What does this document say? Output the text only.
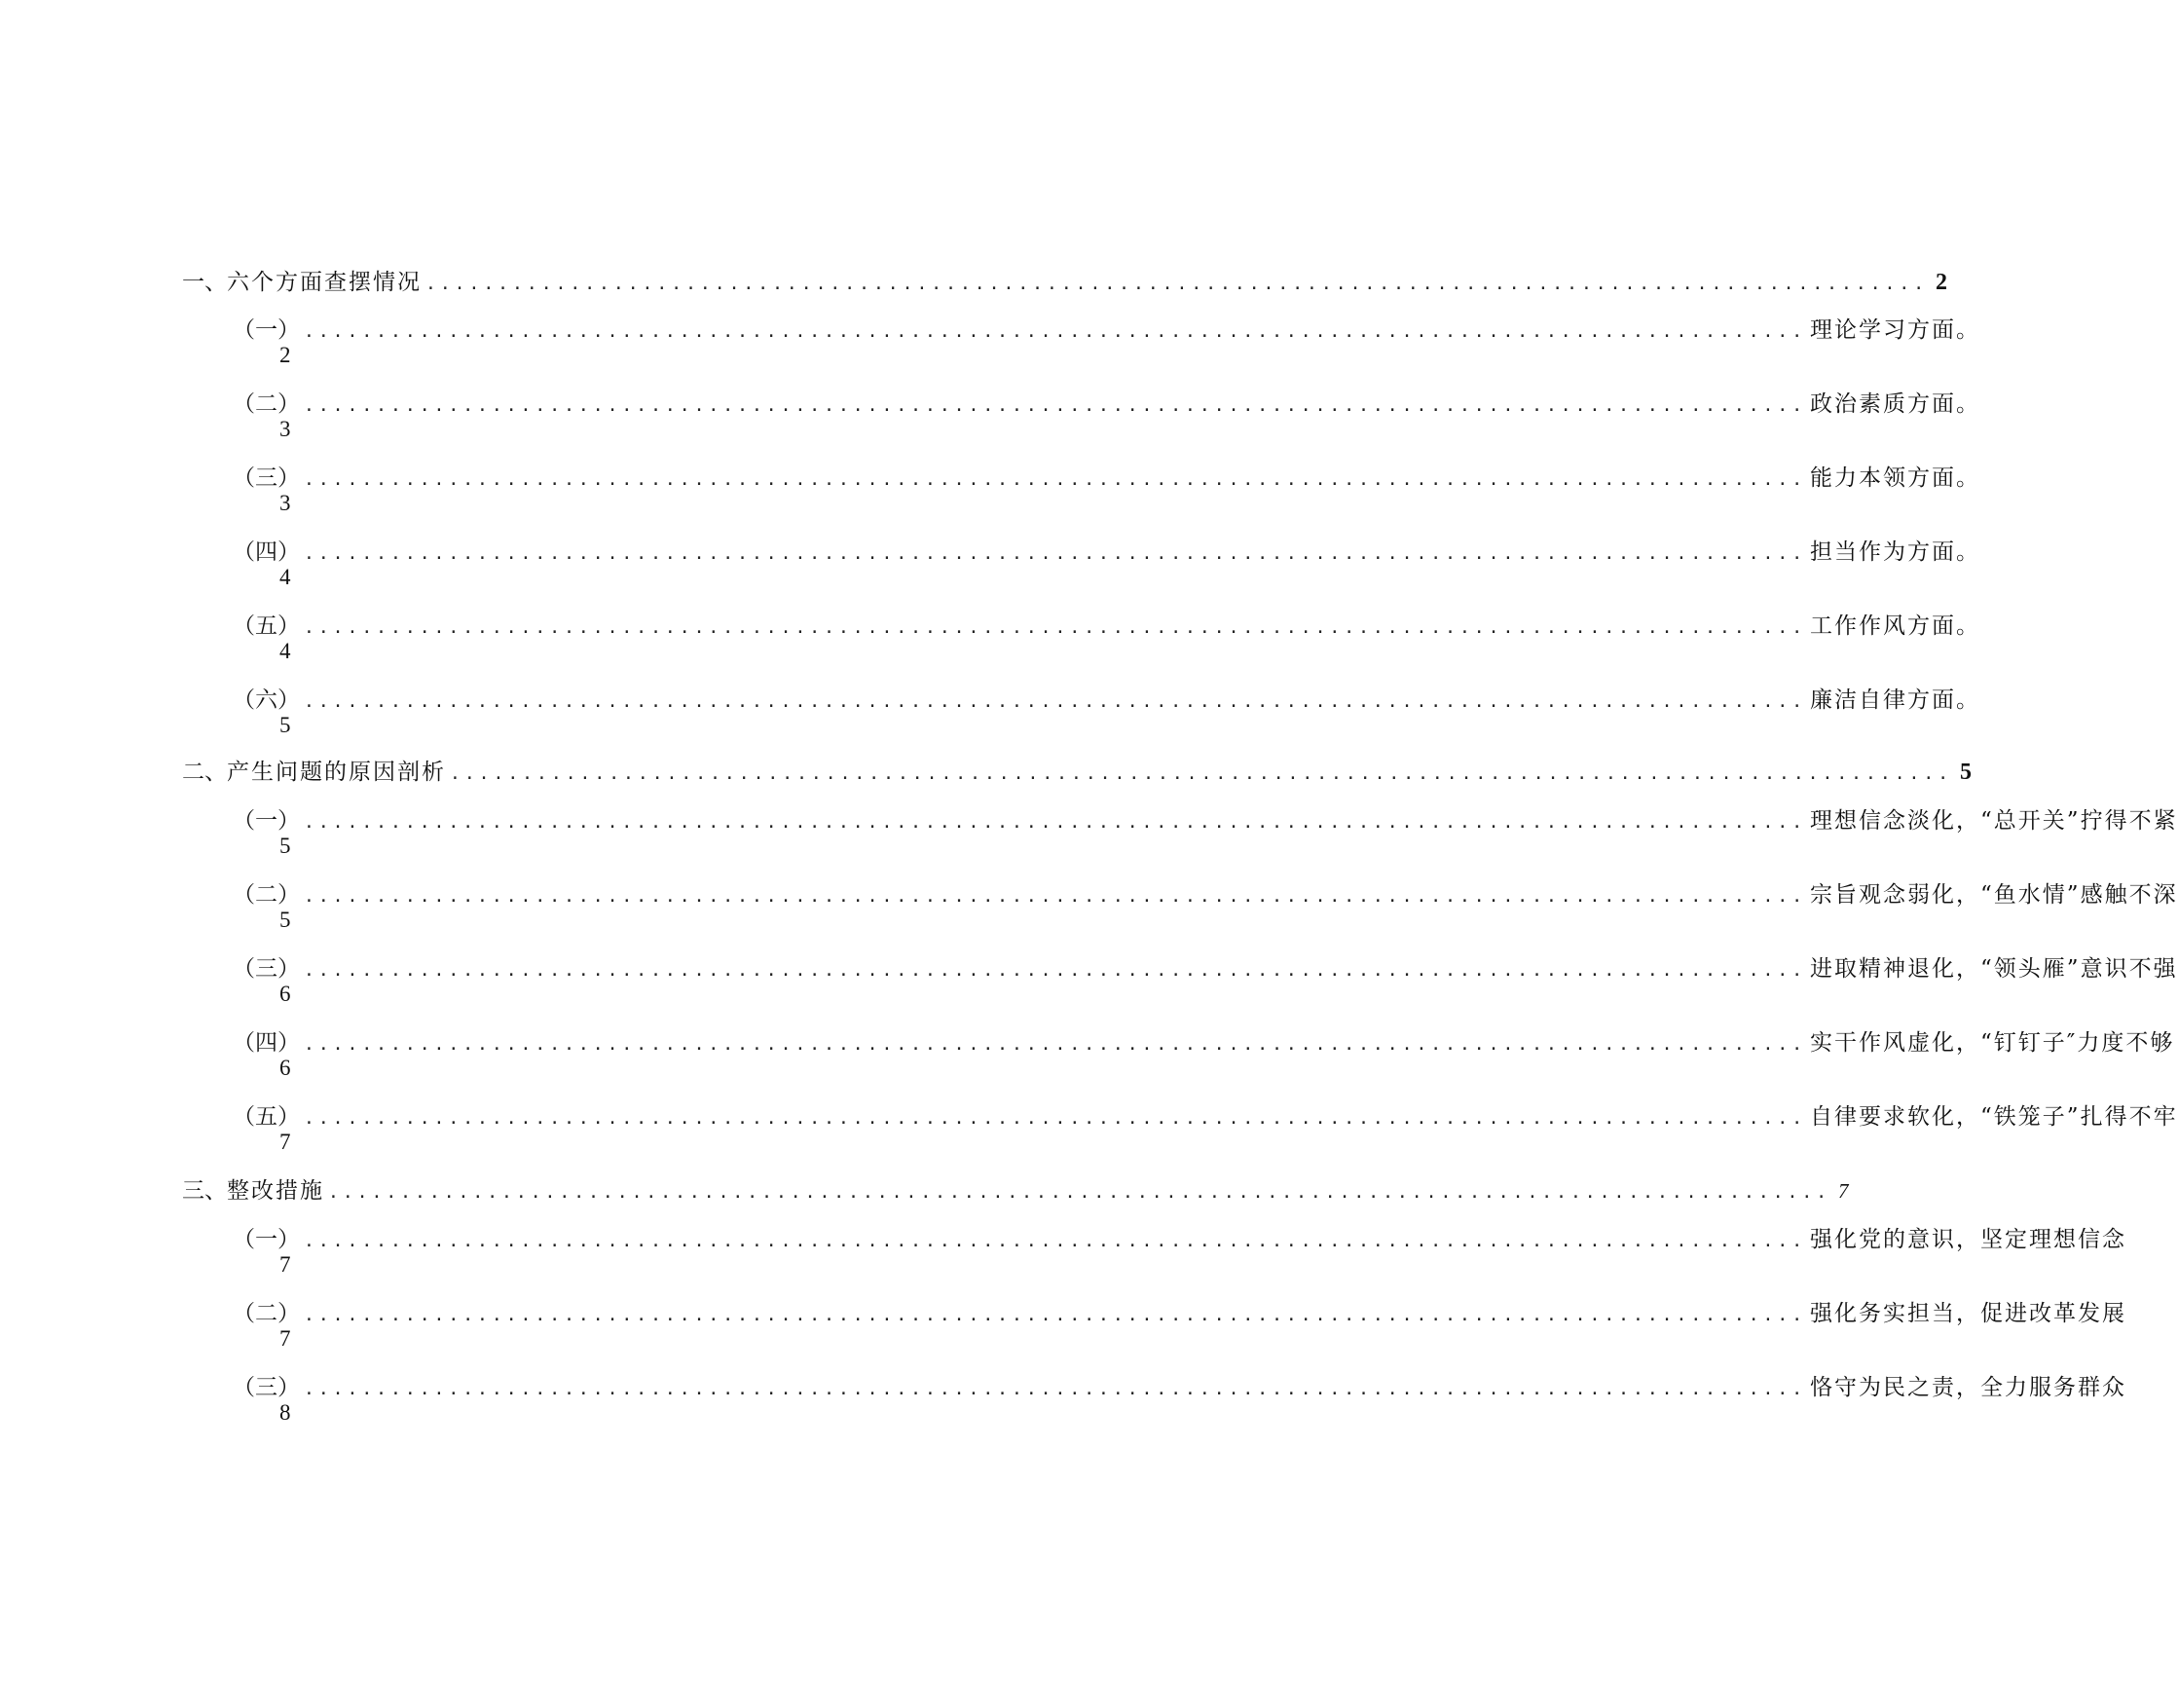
一、 六个方面查摆情况 ........................................................................................................ 2
（一） ........................................................................................................ 理论学习方面。
2
（二） ........................................................................................................ 政治素质方面。
3
（三） ........................................................................................................ 能力本领方面。
3
（四） ........................................................................................................ 担当作为方面。
4
（五） ........................................................................................................ 工作作风方面。
4
（六） ........................................................................................................ 廉洁自律方面。
5
二、 产生问题的原因剖析 ........................................................................................................ 5
（一） ........................................................................................................ 理想信念淡化，“总开关”拧得不紧
5
（二） ........................................................................................................ 宗旨观念弱化，“鱼水情”感触不深
5
（三） ........................................................................................................ 进取精神退化，“领头雁”意识不强
6
（四） ........................................................................................................ 实干作风虚化，“钉钉子″力度不够
6
（五） ........................................................................................................ 自律要求软化，“铁笼子”扎得不牢
7
三、 整改措施 ........................................................................................................ 7
（一） ........................................................................................................ 强化党的意识，坚定理想信念
7
（二） ........................................................................................................ 强化务实担当，促进改革发展
7
（三） ........................................................................................................ 恪守为民之责，全力服务群众
8
